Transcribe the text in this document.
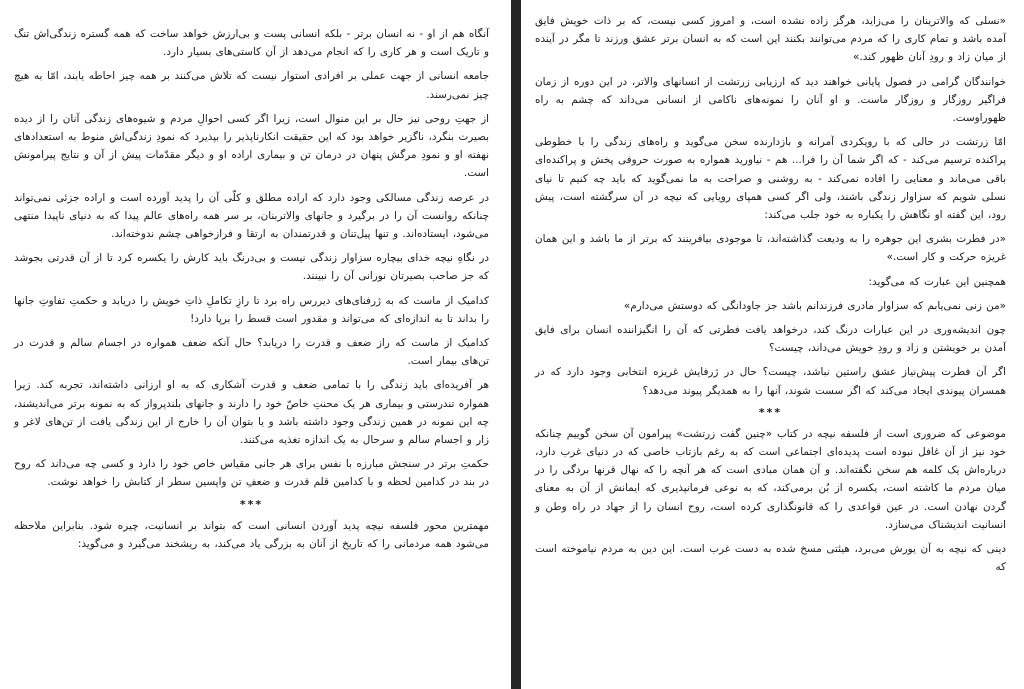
آنگاه هم از او - نه انسان برتر - بلکه انسانی پست و بی‌ارزش خواهد ساخت که همه گستره زندگی‌اش تنگ و تاریک است و هر کاری را که انجام می‌دهد از آن کاستی‌های بسیار دارد.

جامعه انسانی از جهت عملی بر افرادی استوار نیست که تلاش می‌کنند بر همه چیز احاطه یابند، امّا به هیچ چیز نمی‌رسند.

از جهتِ روحی نیز حال بر این منوال است، زیرا اگر کسی احوالِ مردم و شیوه‌های زندگی آنان را از دیده بصیرت بنگرد، ناگزیر خواهد بود که این حقیقت انکارناپذیر را بپذیرد که نمودِ زندگی‌اش منوط به استعدادهای نهفته او و نمودِ مرگش پنهان در درمان تن و بیماری اراده او و دیگر مقدّمات پیش از آن و نتایج پیرامونش است.

در عرصه زندگی مسالکی وجود دارد که اراده مطلق و کلّی آن را پدید آورده است و اراده جزئی نمی‌تواند چنانکه روانست آن را در برگیرد و جانهای والاتربنان، بر سر همه راه‌های عالم پیدا که به دنیای ناپیدا منتهی می‌شود، ایستاده‌اند. و تنها پیل‌تنان و قدرتمندان به ارتقا و فرازخواهی چشم ندوخته‌اند.

در نگاهِ نیچه خدای بیچاره سزاوار زندگی نیست و بی‌درنگ باید کارش را یکسره کرد تا از آن قدرتی بجوشد که جز صاحب بصیرتان نورانی آن را نبینند.

کدامیک از ماست که به ژرفنای‌های دیررس راه برد تا رازِ تکاملِ ذاتِ خویش را دریابد و حکمتِ تفاوتِ جانها را بداند تا به اندازه‌ای که می‌تواند و مقدور است قسط را برپا دارد!

کدامیک از ماست که راز ضعف و قدرت را دریابد؟ حال آنکه ضعف همواره در اجسام سالم و قدرت در تن‌های بیمار است.

هر آفریده‌ای باید زندگی را با تمامی ضعف و قدرت آشکاری که به او ارزانی داشته‌اند، تجربه کند. زیرا همواره تندرستی و بیماری هر یک محنتِ خاصّ خود را دارند و جانهای بلندپرواز که به نمونه برتر می‌اندیشند، چه این نمونه در همین زندگی وجود داشته باشد و یا بتوان آن را خارج از این زندگی یافت از تن‌های لاغر و زار و اجسام سالم و سرحال به یک اندازه تغذیه می‌کنند.

حکمتِ برتر در سنجش مبارزه با نفس برای هر جانی مقیاس خاص خود را دارد و کسی چه می‌داند که روح در بند در کدامین لحظه و با کدامین قلم قدرت و ضعفِ تن واپسین سطر از کتابش را خواهد نوشت.

***

مهمترین محور فلسفه نیچه پدید آوردن انسانی است که بتواند بر انسانیت، چیره شود. بنابراین ملاحظه می‌شود همه مردمانی را که تاریخ از آنان به بزرگی یاد می‌کند، به ریشخند می‌گیرد و می‌گوید:

«نسلی که والاترینان را می‌زاید، هرگز زاده نشده است، و امروز کسی نیست، که بر ذات خویش فایق آمده باشد و تمام کاری را که مردم می‌توانند بکنند این است که به انسان برتر عشق ورزند تا مگر در آینده از میان زاد و رودِ آنان ظهور کند.»

خوانندگان گرامی در فصول پایانی خواهند دید که ارزیابی زرتشت از انسانهای والاتر، در این دوره از زمان فراگیر روزگار و روزگار ماست. و او آنان را نمونه‌های ناکامی از انسانی می‌داند که چشم به راه ظهوراوست.

امّا زرتشت در حالی که با رویکردی آمرانه و بازدارنده سخن می‌گوید و راه‌های زندگی را با خطوطی پراکنده ترسیم می‌کند - که اگر شما آن را فرا... هم - نیاورید همواره به صورت حروفی پخش و پراکنده‌ای باقی می‌ماند و معنایی را افاده نمی‌کند - به روشنی و صراحت به ما نمی‌گوید که باید چه کنیم تا نیای نسلی شویم که سزاوار زندگی باشند، ولی اگر کسی همپای رویایی که نیچه در آن سرگشته است، پیش رود، این گفته او نگاهش را یکباره به خود جلب می‌کند:

«در فطرت بشری این جوهره را به ودیعت گذاشته‌اند، تا موجودی بیافرینند که برتر از ما باشد و این همان غریزه حرکت و کار است.»

همچنین این عبارت که می‌گوید:

«من زنی نمی‌یابم که سزاوار مادری فرزندانم باشد جز جاودانگی که دوستش می‌دارم»

چون اندیشه‌وری در این عبارات درنگ کند، درخواهد یافت فطرتی که آن را انگیزاننده انسان برای فایق آمدن بر خویشتن و زاد و رودِ خویش می‌داند، چیست؟

اگر آن فطرت پیش‌نیاز عشق راستین نباشد، چیست؟ حال در ژرفایش غریزه انتخابی وجود دارد که در همسران پیوندی ایجاد می‌کند که اگر سست شوند، آنها را به همدیگر پیوند می‌دهد؟

***

موضوعی که ضروری است از فلسفه نیچه در کتاب «چنین گفت زرتشت» پیرامون آن سخن گوییم چنانکه خود نیز از آن غافل نبوده است پدیده‌ای اجتماعی است که به رغم بازتاب خاصی که در دنیای غرب دارد، درباره‌اش یک کلمه هم سخن نگفته‌اند. و آن همان مبادی است که هر آنچه را که نهال قرنها بردگی را در میان مردم ما کاشته است، یکسره از بُن برمی‌کند، که به نوعی فرمانپذیری که ایمانش از آن به معنای گردن نهادن است. در عین قواعدی را که قانونگذاری کرده است، روح انسان را از جهاد در راه وطن و انسانیت اندیشناک می‌سازد.

دینی که نیچه به آن یورش می‌برد، هیئتی مسخ شده به دست غرب است. این دین به مردم نیاموخته است که
